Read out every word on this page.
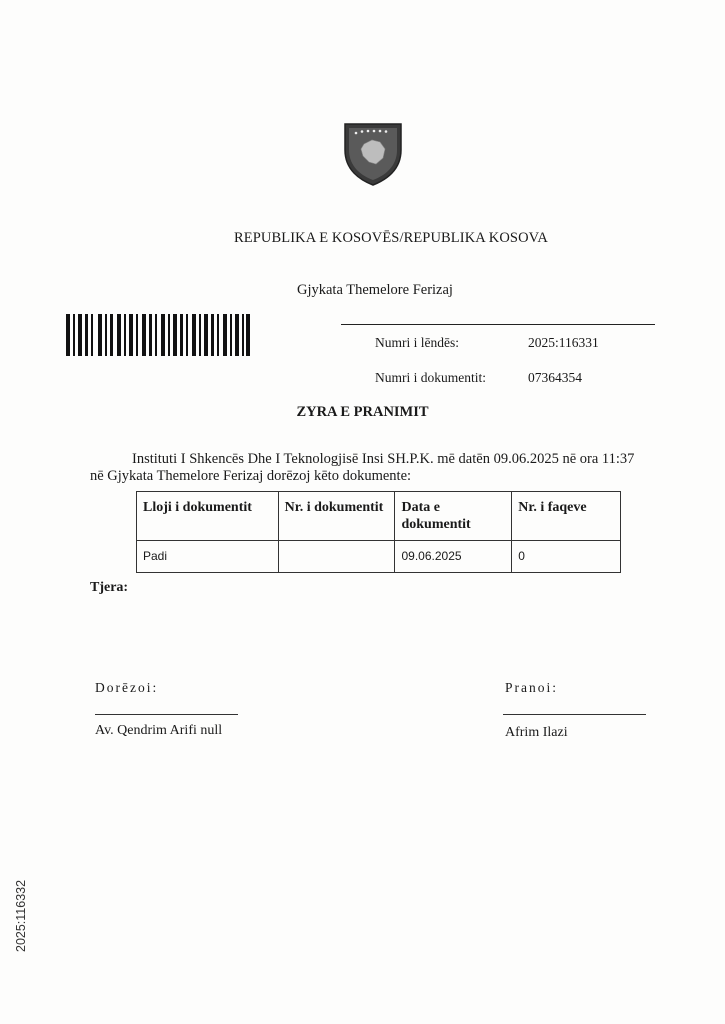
REPUBLIKA E KOSOVĒS/REPUBLIKA KOSOVA
Gjykata Themelore Ferizaj
Numri i lēndēs:	2025:116331
Numri i dokumentit:	07364354
ZYRA E PRANIMIT
Instituti I Shkencēs Dhe I Teknologjisē Insi SH.P.K. mē datēn 09.06.2025 nē ora 11:37 nē Gjykata Themelore Ferizaj dorēzoj kēto dokumente:
Lloji i dokumentit	Nr. i dokumentit	Data e dokumentit	Nr. i faqeve
Padi		09.06.2025	0
Tjera:
Dorēzoi:	Pranoi:
Av. Qendrim Arifi null	Afrim Ilazi
2025:116332
